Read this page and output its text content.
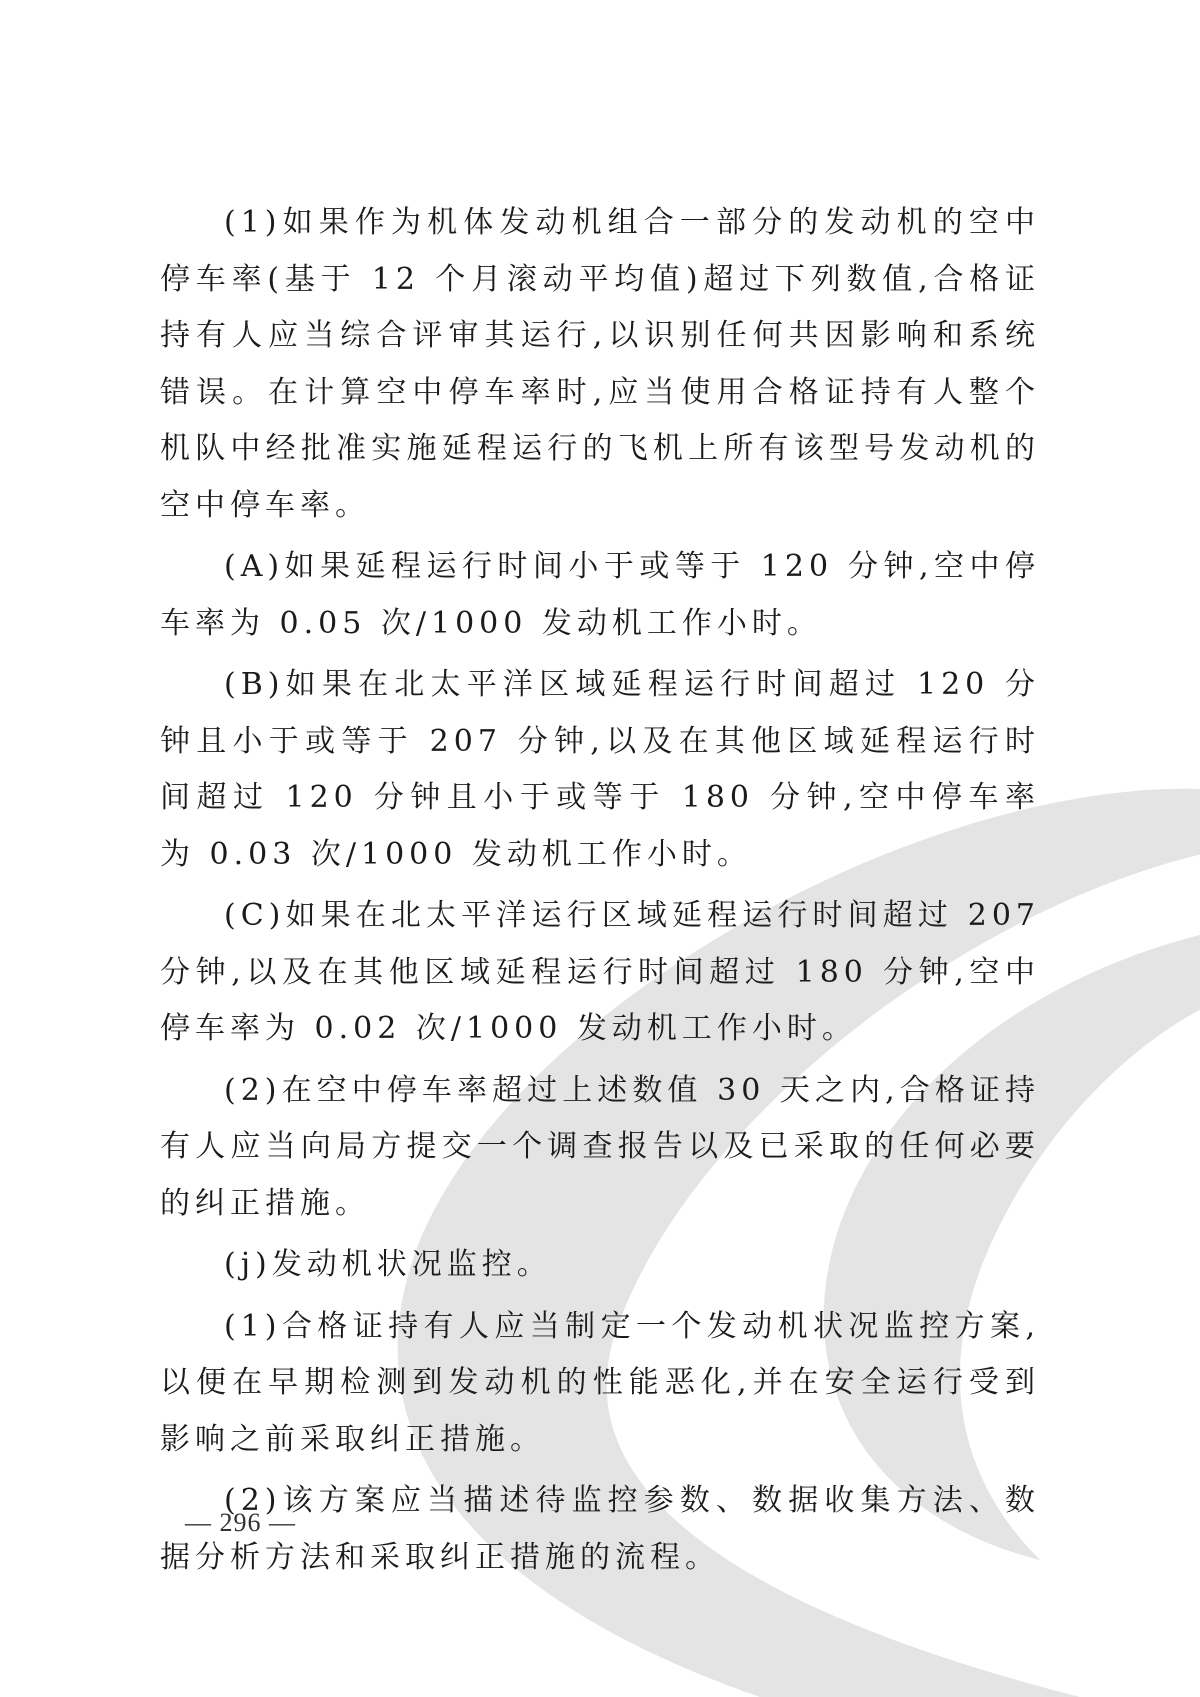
(1)如果作为机体发动机组合一部分的发动机的空中停车率(基于 12 个月滚动平均值)超过下列数值,合格证持有人应当综合评审其运行,以识别任何共因影响和系统错误。在计算空中停车率时,应当使用合格证持有人整个机队中经批准实施延程运行的飞机上所有该型号发动机的空中停车率。

(A)如果延程运行时间小于或等于 120 分钟,空中停车率为 0.05 次/1000 发动机工作小时。

(B)如果在北太平洋区域延程运行时间超过 120 分钟且小于或等于 207 分钟,以及在其他区域延程运行时间超过 120 分钟且小于或等于 180 分钟,空中停车率为 0.03 次/1000 发动机工作小时。

(C)如果在北太平洋运行区域延程运行时间超过 207 分钟,以及在其他区域延程运行时间超过 180 分钟,空中停车率为 0.02 次/1000 发动机工作小时。

(2)在空中停车率超过上述数值 30 天之内,合格证持有人应当向局方提交一个调查报告以及已采取的任何必要的纠正措施。

(j)发动机状况监控。

(1)合格证持有人应当制定一个发动机状况监控方案,以便在早期检测到发动机的性能恶化,并在安全运行受到影响之前采取纠正措施。

(2)该方案应当描述待监控参数、数据收集方法、数据分析方法和采取纠正措施的流程。

— 296 —
